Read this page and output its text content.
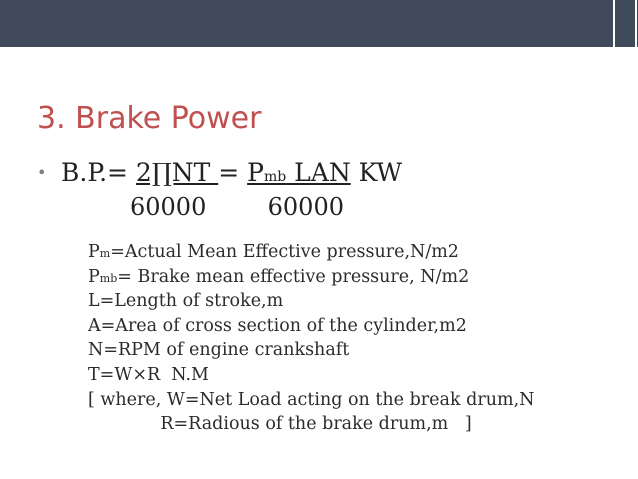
3. Brake Power
• B.P.= 2∏NT = Pmb LAN KW
60000	60000
Pm=Actual Mean Effective pressure,N/m2
Pmb= Brake mean effective pressure, N/m2
L=Length of stroke,m
A=Area of cross section of the cylinder,m2
N=RPM of engine crankshaft
T=W×R  N.M
[ where, W=Net Load acting on the break drum,N
R=Radious of the brake drum,m   ]
